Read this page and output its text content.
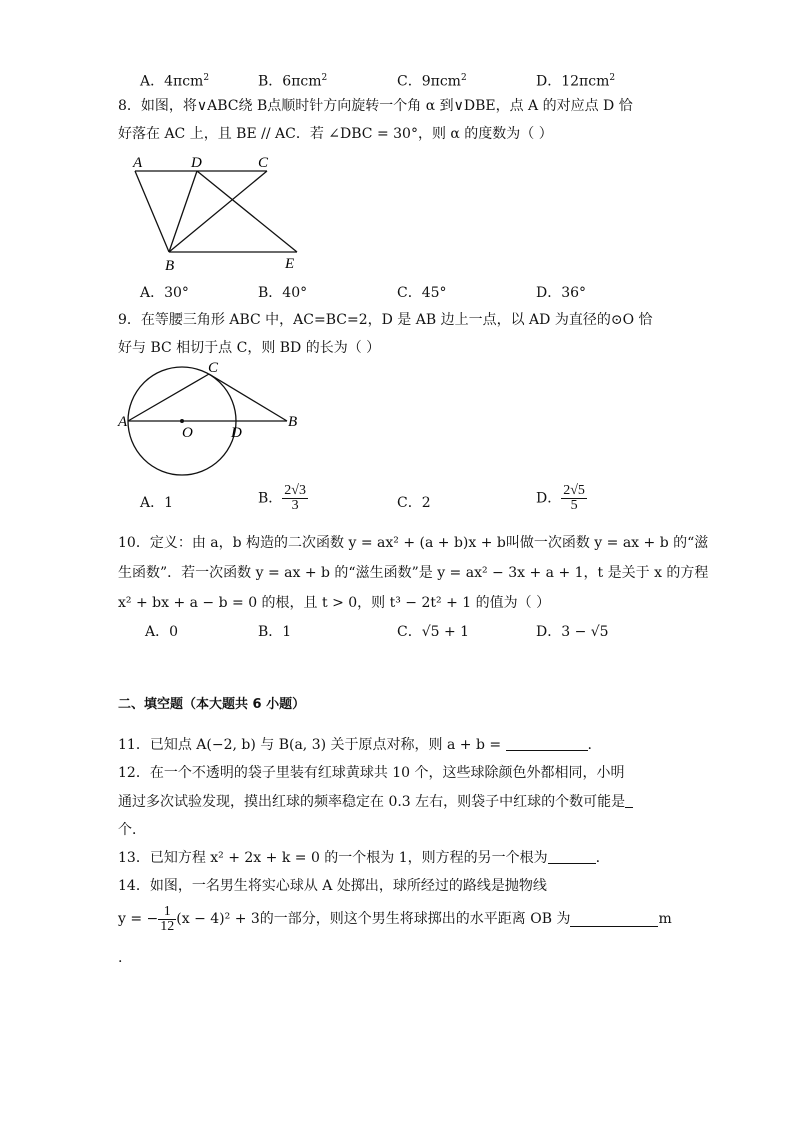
A．4πcm$^2$	B．6πcm$^2$	C．9πcm$^2$	D．12πcm$^2$
8．如图，将∨ABC绕 B点顺时针方向旋转一个角 α 到∨DBE，点 A 的对应点 D 恰
好落在 AC 上，且 BE // AC．若 ∠DBC = 30°，则 α 的度数为（ ）
A	D	C
B	E
A．30°	B．40°	C．45°	D．36°
9．在等腰三角形 ABC 中，AC=BC=2，D 是 AB 边上一点，以 AD 为直径的⊙O 恰
好与 BC 相切于点 C，则 BD 的长为（ ）
A
C
O	D
B
A．1	B． $\frac{2√3}{3}$	C．2	D． $\frac{2√5}{5}$
10．定义：由 a，b 构造的二次函数 y = ax² + (a + b)x + b叫做一次函数 y = ax + b 的“滋
生函数”．若一次函数 y = ax + b 的“滋生函数”是 y = ax² − 3x + a + 1，t 是关于 x 的方程
x² + bx + a − b = 0 的根，且 t > 0，则 t³ − 2t² + 1 的值为（ ）
A．0	B．1	C．√5 + 1	D．3 − √5
二、填空题（本大题共 6 小题）
11．已知点 A(−2, b) 与 B(a, 3) 关于原点对称，则 a + b =	.
12．在一个不透明的袋子里装有红球黄球共 10 个，这些球除颜色外都相同，小明
通过多次试验发现，摸出红球的频率稳定在 0.3 左右，则袋子中红球的个数可能是
个．
13．已知方程 x² + 2x + k = 0 的一个根为 1，则方程的另一个根为	.
14．如图，一名男生将实心球从 A 处掷出，球所经过的路线是抛物线
y = − $\frac{1}{12} (x - 4)^2 + 3$的一部分，则这个男生将球掷出的水平距离 OB 为	m
.
